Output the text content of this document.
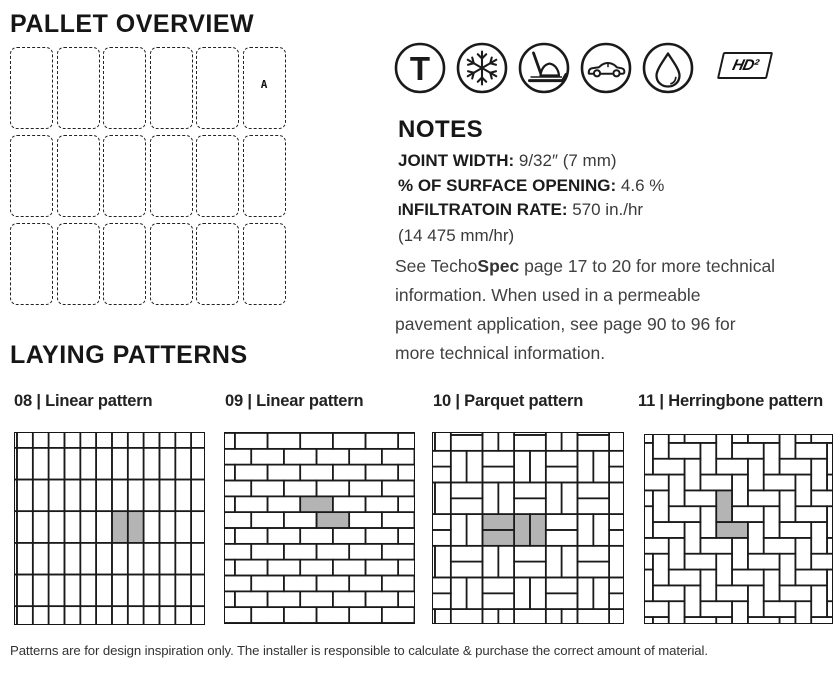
PALLET OVERVIEW
A	T	HD²
NOTES
JOINT WIDTH: 9/32″ (7 mm)
% OF SURFACE OPENING: 4.6 %
INFILTRATOIN RATE: 570 in./hr
(14 475 mm/hr)
See TechoSpec page 17 to 20 for more technical
information. When used in a permeable
pavement application, see page 90 to 96 for
more technical information.
LAYING PATTERNS
08 | Linear pattern	09 | Linear pattern	10 | Parquet pattern	11 | Herringbone pattern
Patterns are for design inspiration only. The installer is responsible to calculate & purchase the correct amount of material.
